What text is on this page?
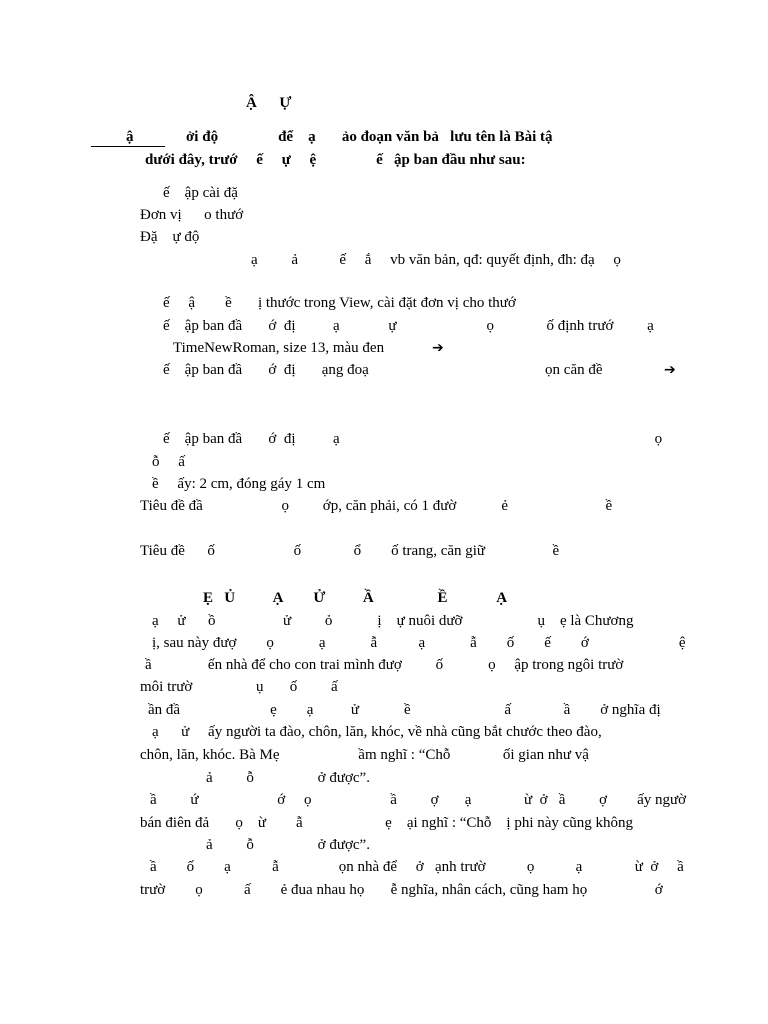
Ậ      Ự
ậ              ởi độ                để    ạ       ảo đoạn văn bả   lưu tên là Bài tậ
dưới đây, trướ     ế     ự     ệ                ế   ập ban đầu như sau:
ế    ập cài đặ
Đơn vị      o thướ
Đặ    ự độ
ạ         ả           ế     ắ     vb văn bản, qđ: quyết định, đh: đạ     ọ
ế     ậ        ề       ị thước trong View, cài đặt đơn vị cho thướ
ế    ập ban đầ       ớ  đị          ạ             ự                        ọ              ố định trướ         ạ
TimeNewRoman, size 13, màu đen	➔
ế    ập ban đầ       ớ  đị       ạng đoạ                                               ọn căn đề	➔
ế    ập ban đầ       ớ  đị          ạ                                                                                    ọ
ỗ     ấ
ề     ấy: 2 cm, đóng gáy 1 cm
Tiêu đề đầ                     ọ         ớp, căn phải, có 1 đườ            ẻ                          ề
Tiêu đề      ố                     ố              ổ        ố trang, căn giữ                  ề
Ẹ   Ủ          Ạ        Ử          Ầ                 Ề             Ạ
ạ     ử      ồ                  ử         ỏ            ị    ự nuôi dưỡ                    ụ    ẹ là Chương
ị, sau này đượ        ọ            ạ            ẫ           ạ            ẫ        ố        ế        ớ                        ệ
ầ               ến nhà để cho con trai mình đượ         ố            ọ     ập trong ngôi trườ
môi trườ                 ụ       ố         ấ
ần đầ                        ẹ        ạ          ử            ề                         ấ              ầ        ở nghĩa đị
ạ      ử     ấy người ta đào, chôn, lăn, khóc, về nhà cũng bắt chước theo đào,
chôn, lăn, khóc. Bà Mẹ                     ầm nghĩ : “Chỗ              ối gian như vậ
ả         ỗ                 ở được”.
ầ         ứ                     ớ     ọ                     ầ         ợ       ạ              ừ  ở   ầ         ợ        ấy ngườ
bán điên đả       ọ    ừ        ẫ                      ẹ    ại nghĩ : “Chỗ    ị phi này cũng không
ả         ỗ                 ở được”.
ầ        ố        ạ           ẫ                ọn nhà để     ở   ạnh trườ           ọ           ạ              ừ  ở     ầ
trườ        ọ           ấ        ẻ đua nhau họ       ễ nghĩa, nhân cách, cũng ham họ                  ớ
